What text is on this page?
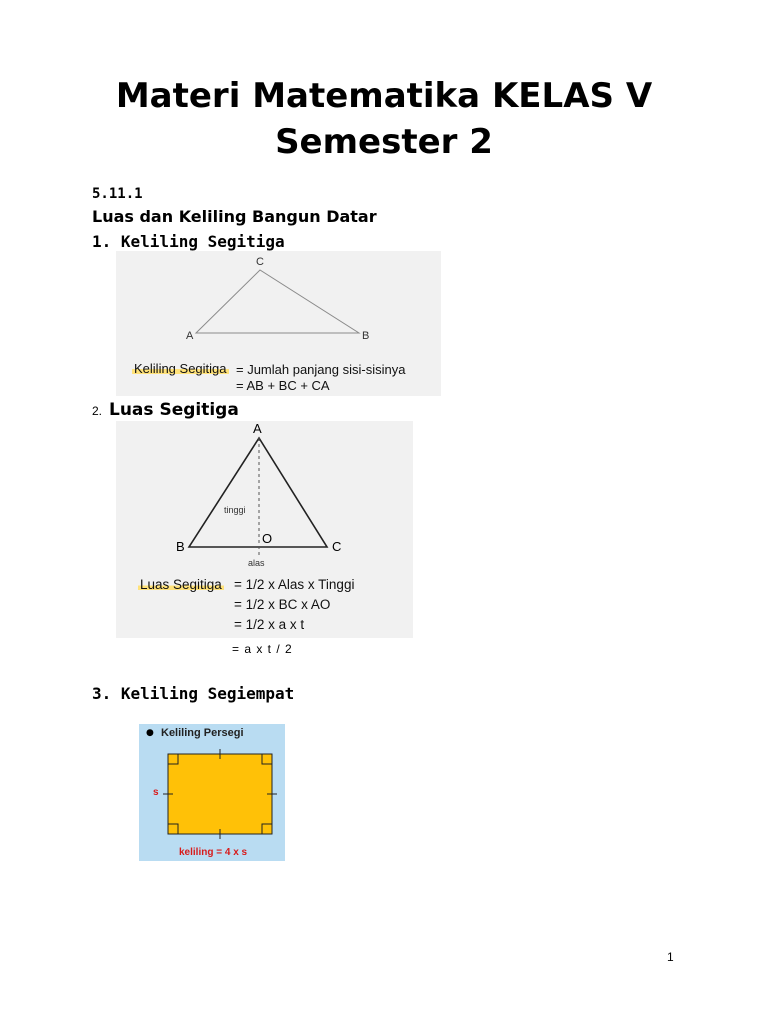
Materi Matematika KELAS V
Semester 2
5.11.1
Luas dan Keliling Bangun Datar
1. Keliling Segitiga
C
A	B
Keliling Segitiga = Jumlah panjang sisi-sisinya
= AB + BC + CA
2. Luas Segitiga
A
B	C
O
tinggi
alas
Luas Segitiga = 1/2 x Alas x Tinggi
= 1/2 x BC x AO
= 1/2 x a x t
= a x t / 2
3. Keliling Segiempat
● Keliling Persegi
s
keliling = 4 x s
1
